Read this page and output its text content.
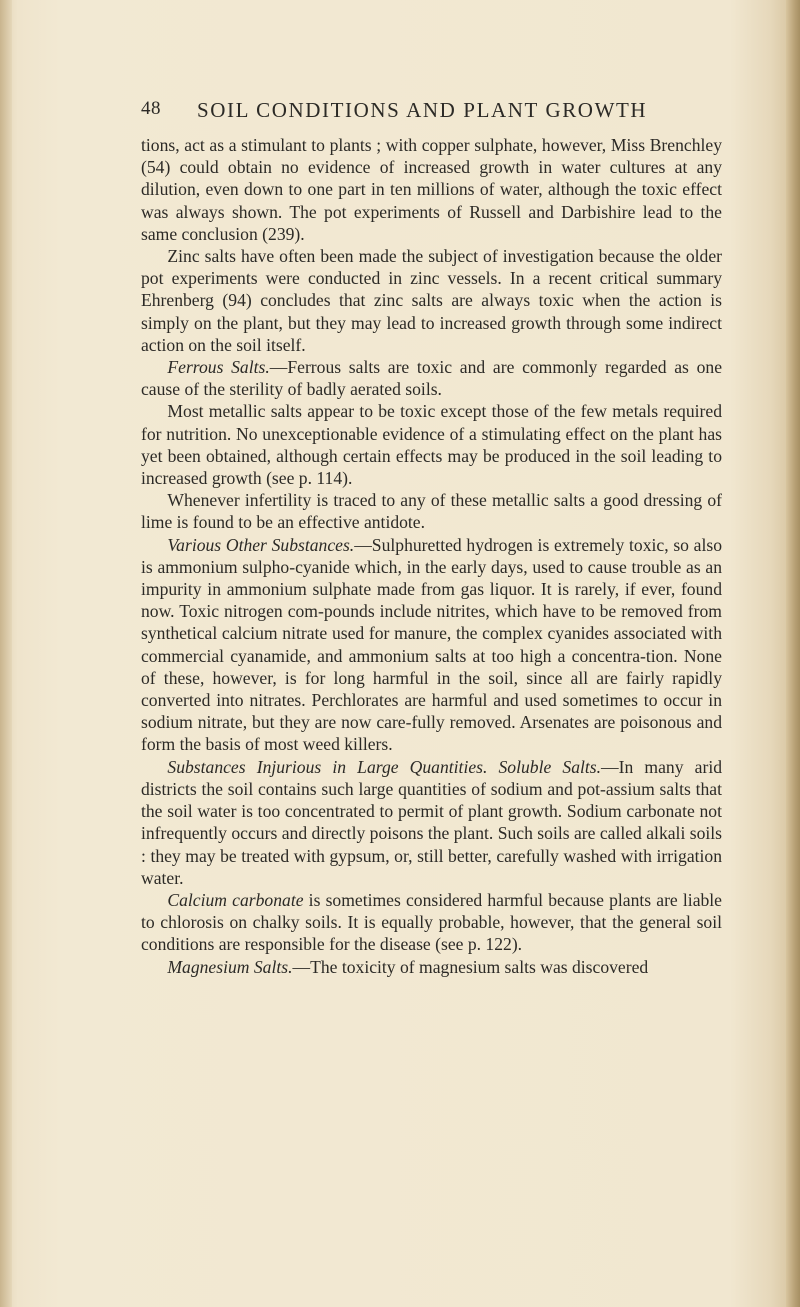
48 SOIL CONDITIONS AND PLANT GROWTH

tions, act as a stimulant to plants ; with copper sulphate, however, Miss Brenchley (54) could obtain no evidence of increased growth in water cultures at any dilution, even down to one part in ten millions of water, although the toxic effect was always shown. The pot experiments of Russell and Darbishire lead to the same conclusion (239).

Zinc salts have often been made the subject of investigation because the older pot experiments were conducted in zinc vessels. In a recent critical summary Ehrenberg (94) concludes that zinc salts are always toxic when the action is simply on the plant, but they may lead to increased growth through some indirect action on the soil itself.

Ferrous Salts.—Ferrous salts are toxic and are commonly regarded as one cause of the sterility of badly aerated soils.

Most metallic salts appear to be toxic except those of the few metals required for nutrition. No unexceptionable evidence of a stimulating effect on the plant has yet been obtained, although certain effects may be produced in the soil leading to increased growth (see p. 114).

Whenever infertility is traced to any of these metallic salts a good dressing of lime is found to be an effective antidote.

Various Other Substances.—Sulphuretted hydrogen is extremely toxic, so also is ammonium sulpho-cyanide which, in the early days, used to cause trouble as an impurity in ammonium sulphate made from gas liquor. It is rarely, if ever, found now. Toxic nitrogen com-pounds include nitrites, which have to be removed from synthetical calcium nitrate used for manure, the complex cyanides associated with commercial cyanamide, and ammonium salts at too high a concentra-tion. None of these, however, is for long harmful in the soil, since all are fairly rapidly converted into nitrates. Perchlorates are harmful and used sometimes to occur in sodium nitrate, but they are now care-fully removed. Arsenates are poisonous and form the basis of most weed killers.

Substances Injurious in Large Quantities. Soluble Salts.—In many arid districts the soil contains such large quantities of sodium and pot-assium salts that the soil water is too concentrated to permit of plant growth. Sodium carbonate not infrequently occurs and directly poisons the plant. Such soils are called alkali soils : they may be treated with gypsum, or, still better, carefully washed with irrigation water.

Calcium carbonate is sometimes considered harmful because plants are liable to chlorosis on chalky soils. It is equally probable, however, that the general soil conditions are responsible for the disease (see p. 122).

Magnesium Salts.—The toxicity of magnesium salts was discovered
